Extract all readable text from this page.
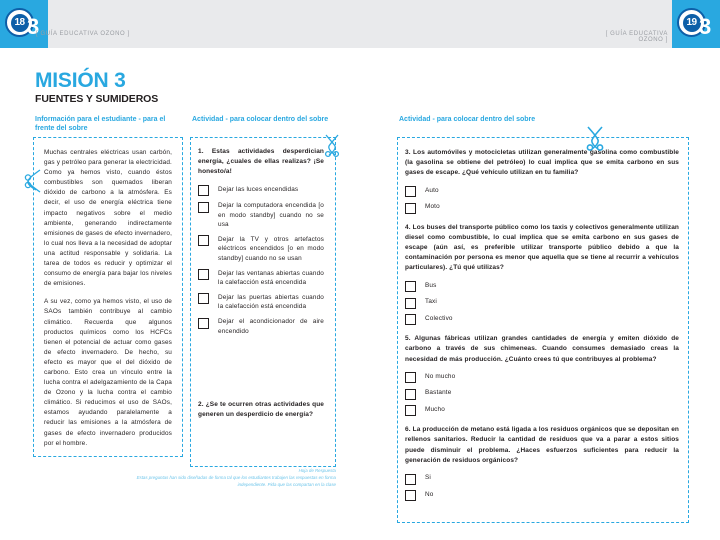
18 3	19 3
[ GUÍA EDUCATIVA OZONO ]	[ GUÍA EDUCATIVA OZONO ]
MISIÓN 3
FUENTES Y SUMIDEROS
Información para el estudiante - para el frente del sobre
Actividad - para colocar dentro del sobre	Actividad - para colocar dentro del sobre

Muchas centrales eléctricas usan carbón, gas y petróleo para generar la electricidad. Como ya hemos visto, cuando éstos combustibles son quemados liberan dióxido de carbono a la atmósfera. Es decir, el uso de energía eléctrica tiene impacto negativos sobre el medio ambiente, generando indirectamente emisiones de gases de efecto invernadero, lo cual nos lleva a la necesidad de adoptar una actitud responsable y solidaria. La tarea de todos es reducir y optimizar el consumo de energía para bajar los niveles de emisiones.

A su vez, como ya hemos visto, el uso de SAOs también contribuye al cambio climático. Recuerda que algunos productos químicos como los HCFCs tienen el potencial de actuar como gases de efecto invernadero. De hecho, su efecto es mayor que el del dióxido de carbono. Esto crea un vínculo entre la lucha contra el adelgazamiento de la Capa de Ozono y la lucha contra el cambio climático. Si reducimos el uso de SAOs, estamos ayudando paralelamente a reducir las emisiones a la atmósfera de gases de efecto invernadero producidos por el hombre.

1. Estas actividades desperdician energía, ¿cuales de ellas realizas? ¡Se honesto/a!
Dejar las luces encendidas
Dejar la computadora encendida [o en modo standby] cuando no se usa
Dejar la TV y otros artefactos eléctricos encendidos [o en modo standby] cuando no se usan
Dejar las ventanas abiertas cuando la calefacción está encendida
Dejar las puertas abiertas cuando la calefacción está encendida
Dejar el acondicionador de aire encendido
2. ¿Se te ocurren otras actividades que generen un desperdicio de energía?
Hoja de Respuesta
Estas preguntas han sido diseñadas de forma tal que los estudiantes trabajen las respuestas en forma independiente. Pida que las compartan en la clase
3. Los automóviles y motocicletas utilizan generalmente gasolina como combustible (la gasolina se obtiene del petróleo) lo cual implica que se emita carbono en sus gases de escape. ¿Qué vehículo utilizan en tu familia?
Auto
Moto
4. Los buses del transporte público como los taxis y colectivos generalmente utilizan diesel como combustible, lo cual implica que se emita carbono en sus gases de escape (aún así, es preferible utilizar transporte público debido a que la contaminación por persona es menor que aquella que se tiene al recurrir a vehículos particulares). ¿Tú qué utilizas?
Bus
Taxi
Colectivo
5. Algunas fábricas utilizan grandes cantidades de energía y emiten dióxido de carbono a través de sus chimeneas. Cuando consumes demasiado creas la necesidad de más producción. ¿Cuánto crees tú que contribuyes al problema?
No mucho
Bastante
Mucho
6. La producción de metano está ligada a los residuos orgánicos que se depositan en rellenos sanitarios. Reducir la cantidad de residuos que va a parar a estos sitios puede disminuir el problema. ¿Haces esfuerzos suficientes para reducir la generación de residuos orgánicos?
Si
No
